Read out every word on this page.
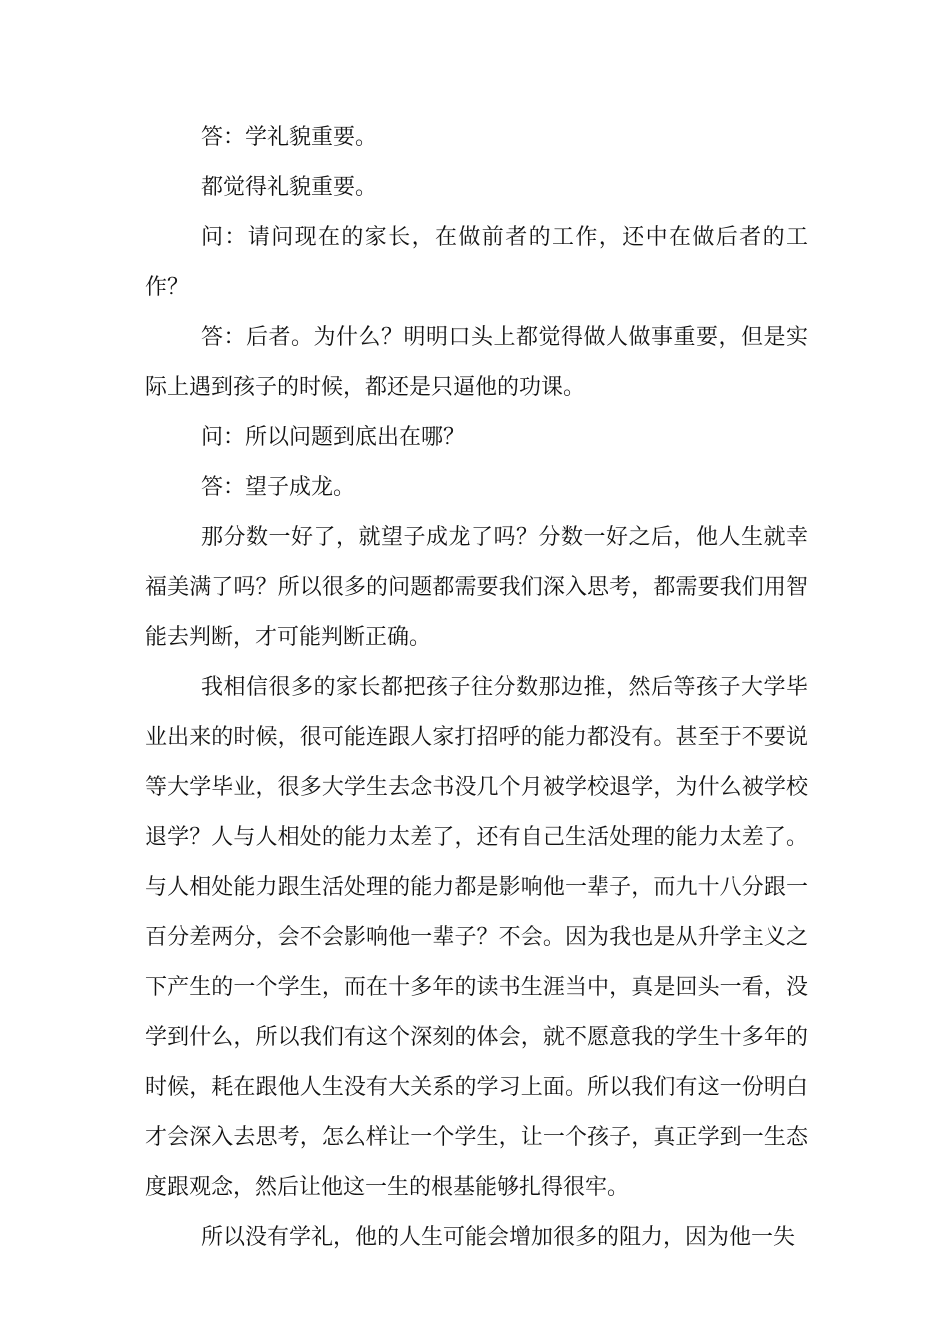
答：学礼貌重要。

都觉得礼貌重要。

问：请问现在的家长，在做前者的工作，还中在做后者的工作？

答：后者。为什么？明明口头上都觉得做人做事重要，但是实际上遇到孩子的时候，都还是只逼他的功课。

问：所以问题到底出在哪？

答：望子成龙。

那分数一好了，就望子成龙了吗？分数一好之后，他人生就幸福美满了吗？所以很多的问题都需要我们深入思考，都需要我们用智能去判断，才可能判断正确。

我相信很多的家长都把孩子往分数那边推，然后等孩子大学毕业出来的时候，很可能连跟人家打招呼的能力都没有。甚至于不要说等大学毕业，很多大学生去念书没几个月被学校退学，为什么被学校退学？人与人相处的能力太差了，还有自己生活处理的能力太差了。与人相处能力跟生活处理的能力都是影响他一辈子，而九十八分跟一百分差两分，会不会影响他一辈子？不会。因为我也是从升学主义之下产生的一个学生，而在十多年的读书生涯当中，真是回头一看，没学到什么，所以我们有这个深刻的体会，就不愿意我的学生十多年的时候，耗在跟他人生没有大关系的学习上面。所以我们有这一份明白才会深入去思考，怎么样让一个学生，让一个孩子，真正学到一生态度跟观念，然后让他这一生的根基能够扎得很牢。

所以没有学礼，他的人生可能会增加很多的阻力，因为他一失
